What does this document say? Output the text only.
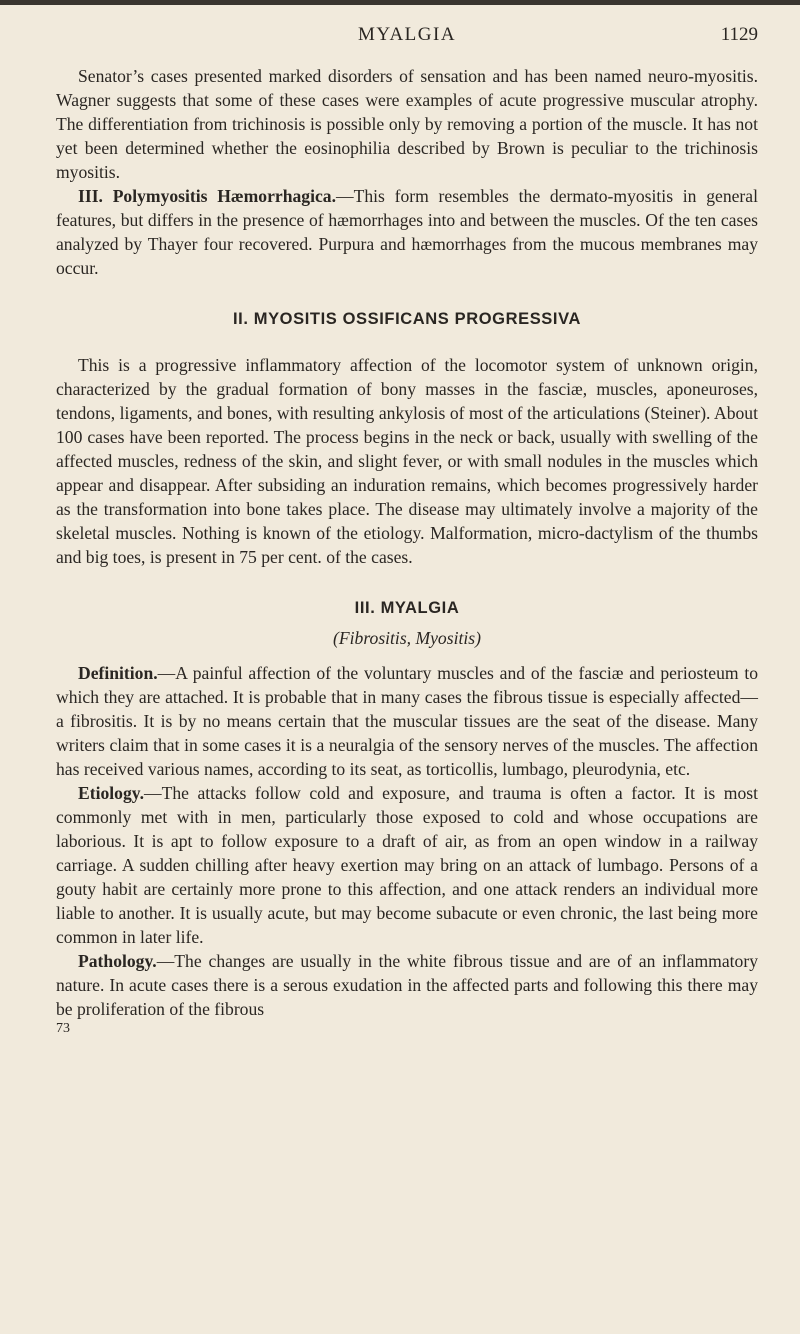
MYALGIA	1129

Senator’s cases presented marked disorders of sensation and has been named neuro-myositis. Wagner suggests that some of these cases were examples of acute progressive muscular atrophy. The differentiation from trichinosis is possible only by removing a portion of the muscle. It has not yet been determined whether the eosinophilia described by Brown is peculiar to the trichinosis myositis.

III. Polymyositis Hæmorrhagica.—This form resembles the dermato-myositis in general features, but differs in the presence of hæmorrhages into and between the muscles. Of the ten cases analyzed by Thayer four recovered. Purpura and hæmorrhages from the mucous membranes may occur.

II. MYOSITIS OSSIFICANS PROGRESSIVA

This is a progressive inflammatory affection of the locomotor system of unknown origin, characterized by the gradual formation of bony masses in the fasciæ, muscles, aponeuroses, tendons, ligaments, and bones, with resulting ankylosis of most of the articulations (Steiner). About 100 cases have been reported. The process begins in the neck or back, usually with swelling of the affected muscles, redness of the skin, and slight fever, or with small nodules in the muscles which appear and disappear. After subsiding an induration remains, which becomes progressively harder as the transformation into bone takes place. The disease may ultimately involve a majority of the skeletal muscles. Nothing is known of the etiology. Malformation, micro-dactylism of the thumbs and big toes, is present in 75 per cent. of the cases.

III. MYALGIA
(Fibrositis, Myositis)

Definition.—A painful affection of the voluntary muscles and of the fasciæ and periosteum to which they are attached. It is probable that in many cases the fibrous tissue is especially affected—a fibrositis. It is by no means certain that the muscular tissues are the seat of the disease. Many writers claim that in some cases it is a neuralgia of the sensory nerves of the muscles. The affection has received various names, according to its seat, as torticollis, lumbago, pleurodynia, etc.

Etiology.—The attacks follow cold and exposure, and trauma is often a factor. It is most commonly met with in men, particularly those exposed to cold and whose occupations are laborious. It is apt to follow exposure to a draft of air, as from an open window in a railway carriage. A sudden chilling after heavy exertion may bring on an attack of lumbago. Persons of a gouty habit are certainly more prone to this affection, and one attack renders an individual more liable to another. It is usually acute, but may become subacute or even chronic, the last being more common in later life.

Pathology.—The changes are usually in the white fibrous tissue and are of an inflammatory nature. In acute cases there is a serous exudation in the affected parts and following this there may be proliferation of the fibrous

73
